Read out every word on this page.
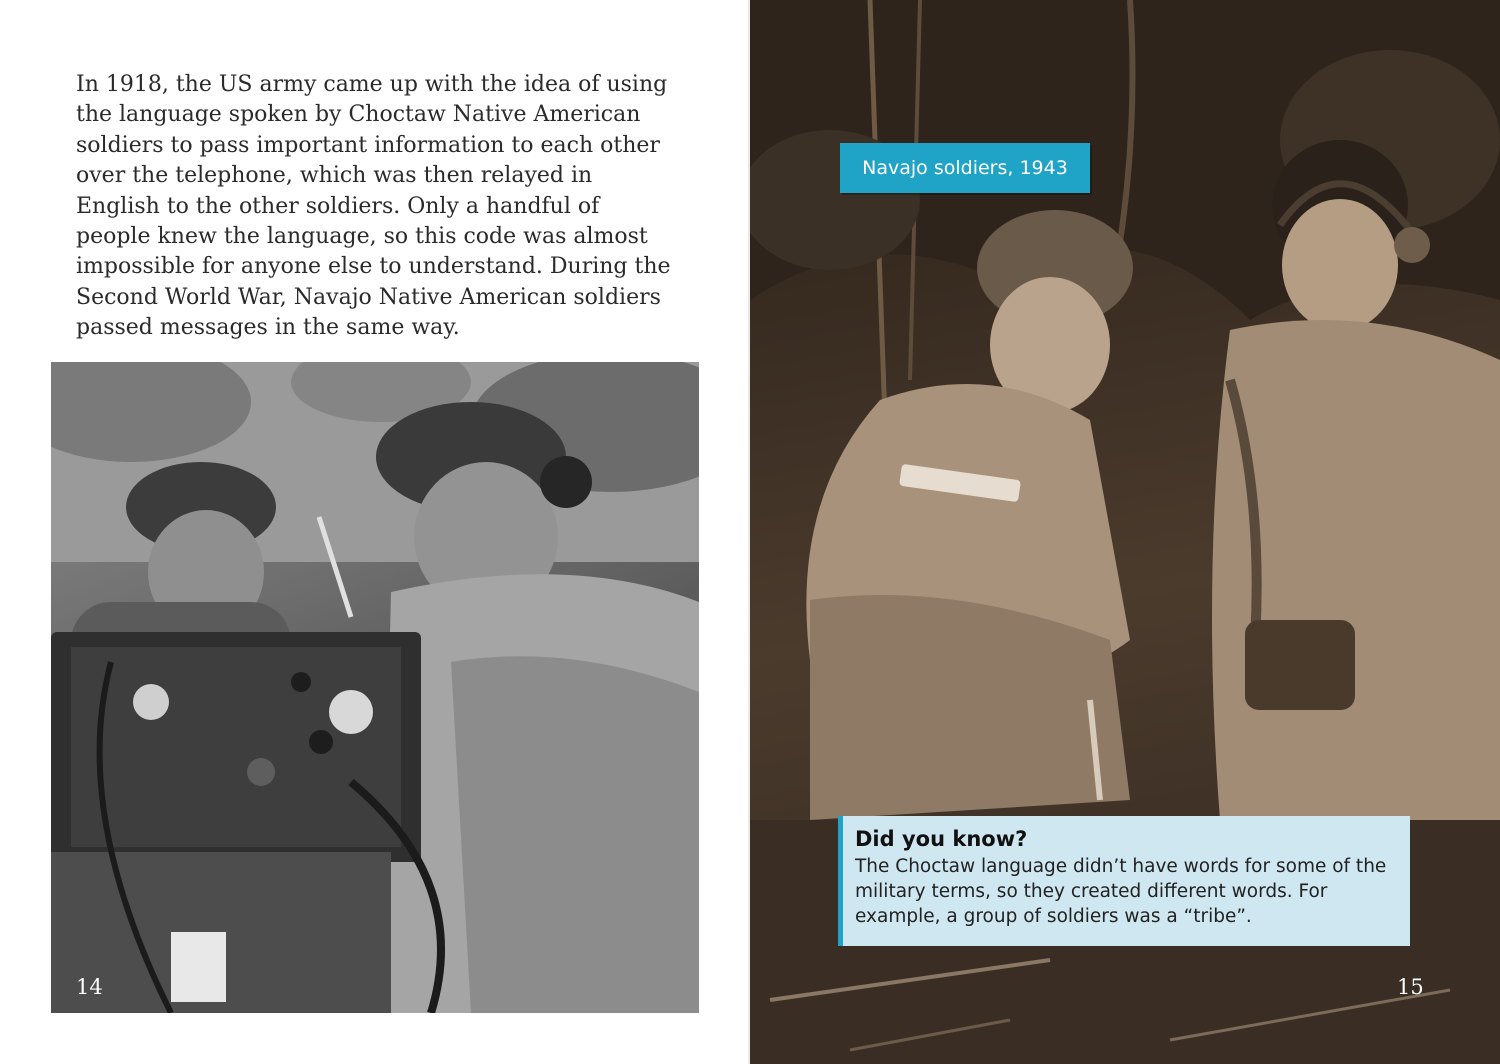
In 1918, the US army came up with the idea of using the language spoken by Choctaw Native American soldiers to pass important information to each other over the telephone, which was then relayed in English to the other soldiers. Only a handful of people knew the language, so this code was almost impossible for anyone else to understand. During the Second World War, Navajo Native American soldiers passed messages in the same way.

14
Navajo soldiers, 1943

Did you know?

The Choctaw language didn’t have words for some of the military terms, so they created different words. For example, a group of soldiers was a “tribe”.

15
